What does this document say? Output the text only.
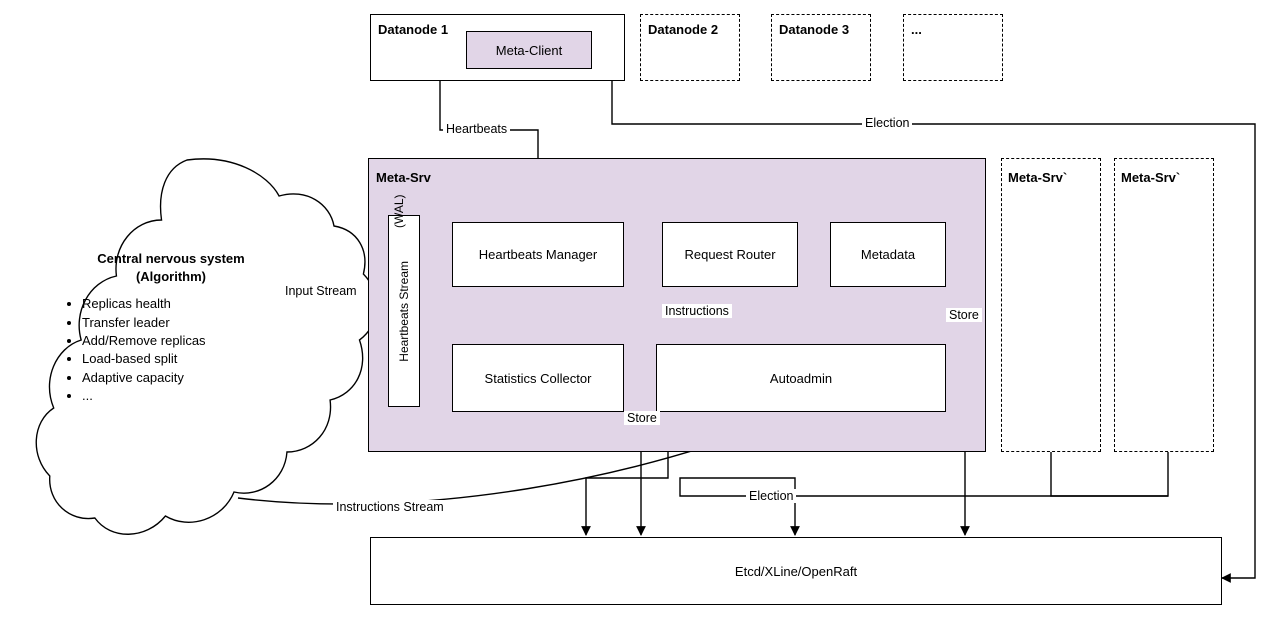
Datanode 1
Meta-Client
Datanode 2	Datanode 3	...
Meta-Srv
Heartbeats Stream
(WAL)
Heartbeats Manager	Request Router	Metadata
Statistics Collector	Autoadmin
Meta-Srv`	Meta-Srv`
Etcd/XLine/OpenRaft
Central nervous system
(Algorithm)
• Replicas health
• Transfer leader
• Add/Remove replicas
• Load-based split
• Adaptive capacity
• ...
Heartbeats	Election
Input Stream
Instructions	Store
Store
Instructions Stream
Election
